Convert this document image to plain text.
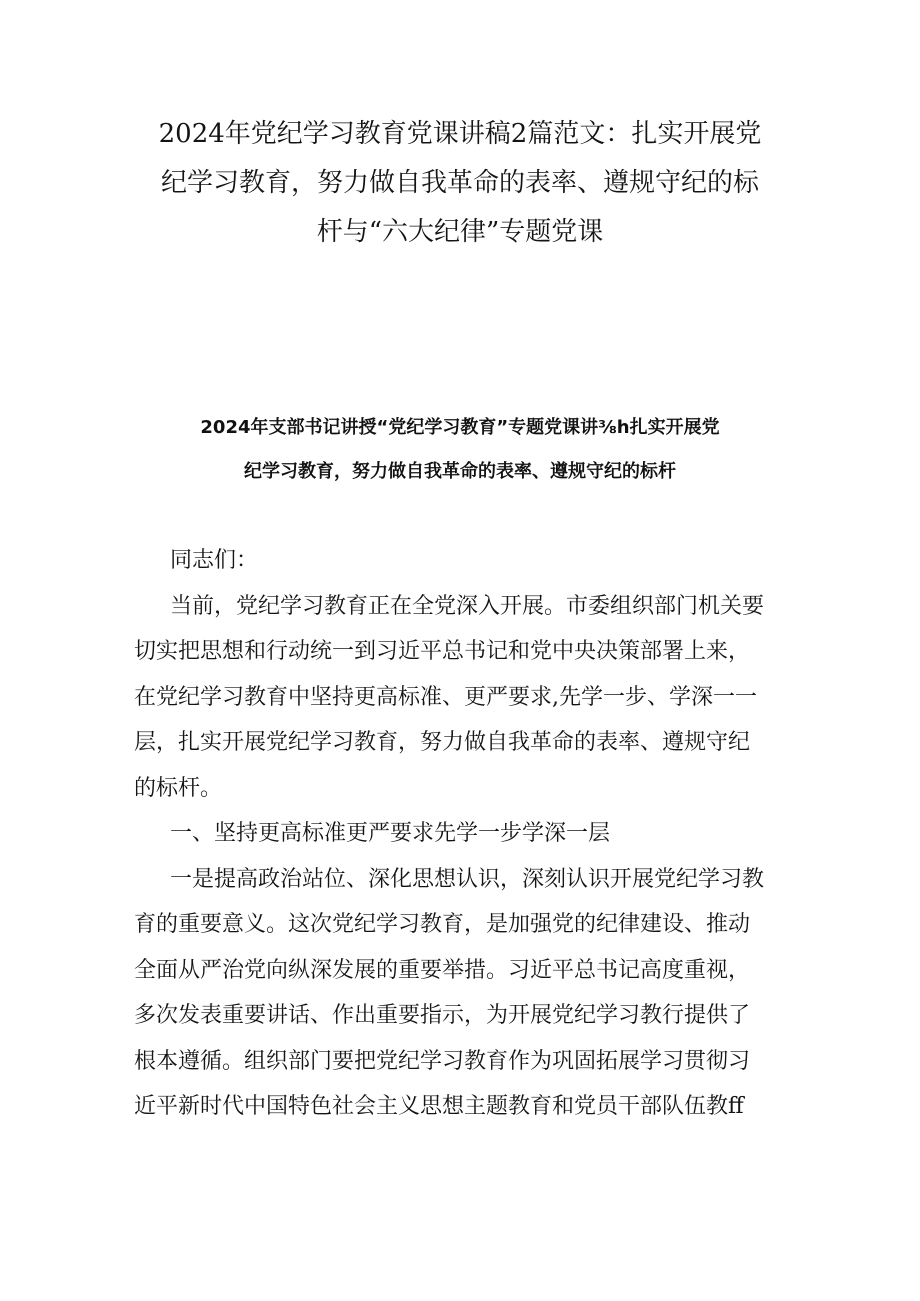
2024年党纪学习教育党课讲稿2篇范文：扎实开展党
纪学习教育，努力做自我革命的表率、遵规守纪的标
杆与“六大纪律”专题党课
2024年支部书记讲授“党纪学习教育”专题党课讲⅜h扎实开展党
纪学习教育，努力做自我革命的表率、遵规守纪的标杆
同志们：
当前，党纪学习教育正在全党深入开展。市委组织部门机关要
切实把思想和行动统一到习近平总书记和党中央决策部署上来，
在党纪学习教育中坚持更高标准、更严要求,先学一步、学深一一
层，扎实开展党纪学习教育，努力做自我革命的表率、遵规守纪
的标杆。
一、坚持更高标准更严要求先学一步学深一层
一是提高政治站位、深化思想认识，深刻认识开展党纪学习教
育的重要意义。这次党纪学习教育，是加强党的纪律建设、推动
全面从严治党向纵深发展的重要举措。习近平总书记高度重视，
多次发表重要讲话、作出重要指示，为开展党纪学习教行提供了
根本遵循。组织部门要把党纪学习教育作为巩固拓展学习贯彻习
近平新时代中国特色社会主义思想主题教育和党员干部队伍教ff
